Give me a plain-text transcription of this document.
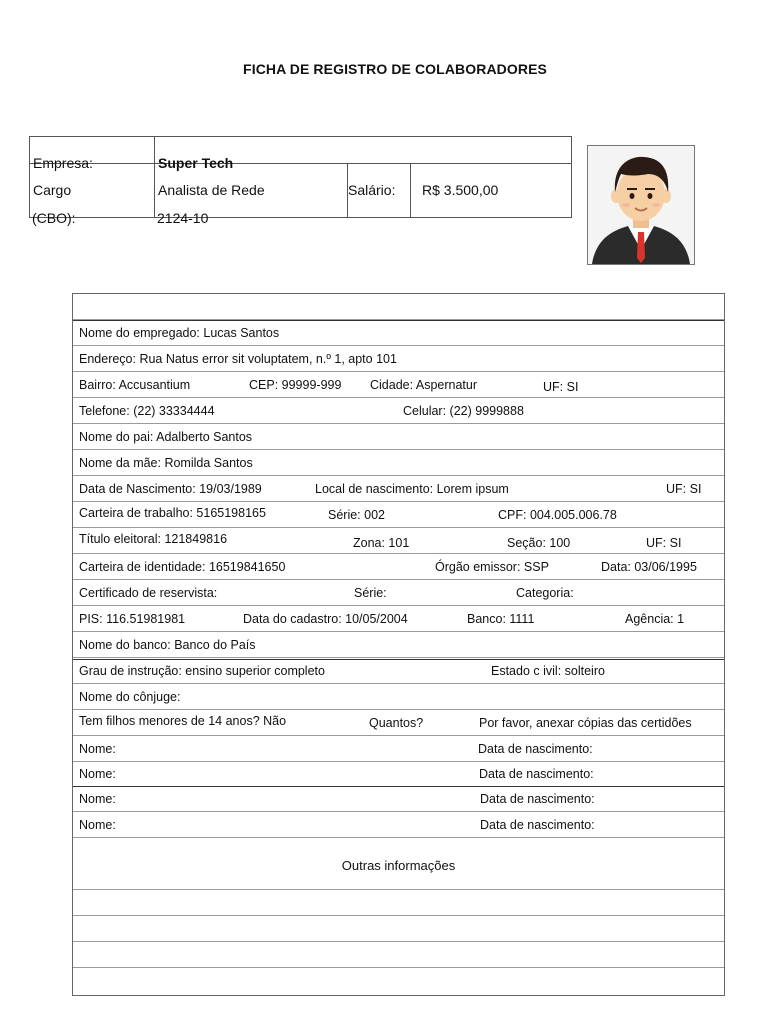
FICHA DE REGISTRO DE COLABORADORES
Empresa:	Super Tech
Cargo	Analista de Rede	Salário: R$ 3.500,00
(CBO):	2124-10
Nome do empregado: Lucas Santos
Endereço: Rua Natus error sit voluptatem, n.º 1, apto 101
Bairro: Accusantium	CEP: 99999-999 Cidade: Aspernatur	UF: SI
Telefone: (22) 33334444	Celular: (22) 9999888
Nome do pai: Adalberto Santos
Nome da mãe: Romilda Santos
Data de Nascimento: 19/03/1989	Local de nascimento: Lorem ipsum	UF: SI
Carteira de trabalho: 5165198165	Série: 002	CPF: 004.005.006.78
Título eleitoral: 121849816	Zona: 101	Seção: 100	UF: SI
Carteira de identidade: 16519841650	Órgão emissor: SSP	Data: 03/06/1995
Certificado de reservista:	Série:	Categoria:
PIS: 116.51981981	Data do cadastro: 10/05/2004	Banco: 1111	Agência: 1
Nome do banco: Banco do País
Grau de instrução: ensino superior completo	Estado c ivil: solteiro
Nome do cônjuge:
Tem filhos menores de 14 anos? Não	Quantos?	Por favor, anexar cópias das certidões
Nome:	Data de nascimento:
Nome:	Data de nascimento:
Nome:	Data de nascimento:
Nome:	Data de nascimento:
Outras informações
